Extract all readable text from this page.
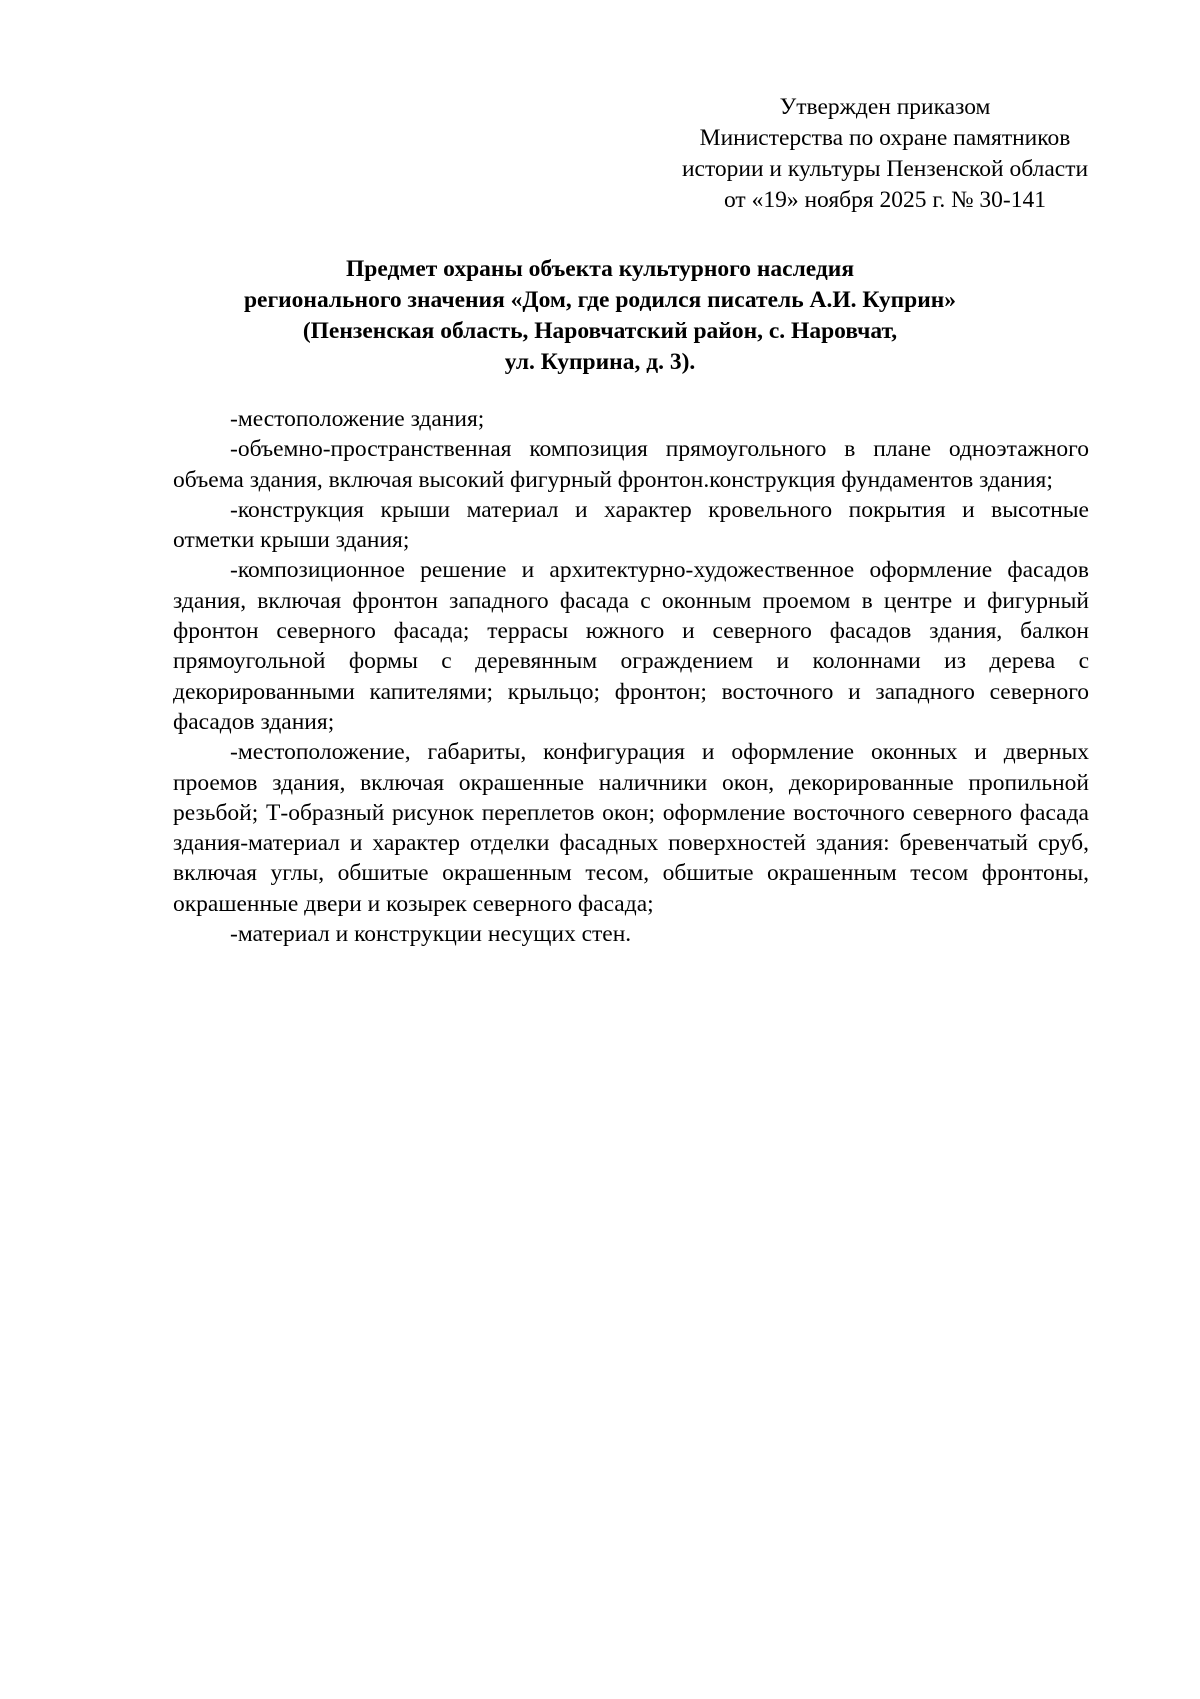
Утвержден приказом
Министерства по охране памятников
истории и культуры Пензенской области
от «19» ноября 2025 г. № 30-141
Предмет охраны объекта культурного наследия
регионального значения «Дом, где родился писатель А.И. Куприн»
(Пензенская область, Наровчатский район, с. Наровчат,
ул. Куприна, д. 3).

-местоположение здания;

-объемно-пространственная композиция прямоугольного в плане одноэтажного объема здания, включая высокий фигурный фронтон.конструкция фундаментов здания;

-конструкция крыши материал и характер кровельного покрытия и высотные отметки крыши здания;

-композиционное решение и архитектурно-художественное оформление фасадов здания, включая фронтон западного фасада с оконным проемом в центре и фигурный фронтон северного фасада; террасы южного и северного фасадов здания, балкон прямоугольной формы с деревянным ограждением и колоннами из дерева с декорированными капителями; крыльцо; фронтон; восточного и западного северного фасадов здания;

-местоположение, габариты, конфигурация и оформление оконных и дверных проемов здания, включая окрашенные наличники окон, декорированные пропильной резьбой; Т-образный рисунок переплетов окон; оформление восточного северного фасада здания-материал и характер отделки фасадных поверхностей здания: бревенчатый сруб, включая углы, обшитые окрашенным тесом, обшитые окрашенным тесом фронтоны, окрашенные двери и козырек северного фасада;

-материал и конструкции несущих стен.
